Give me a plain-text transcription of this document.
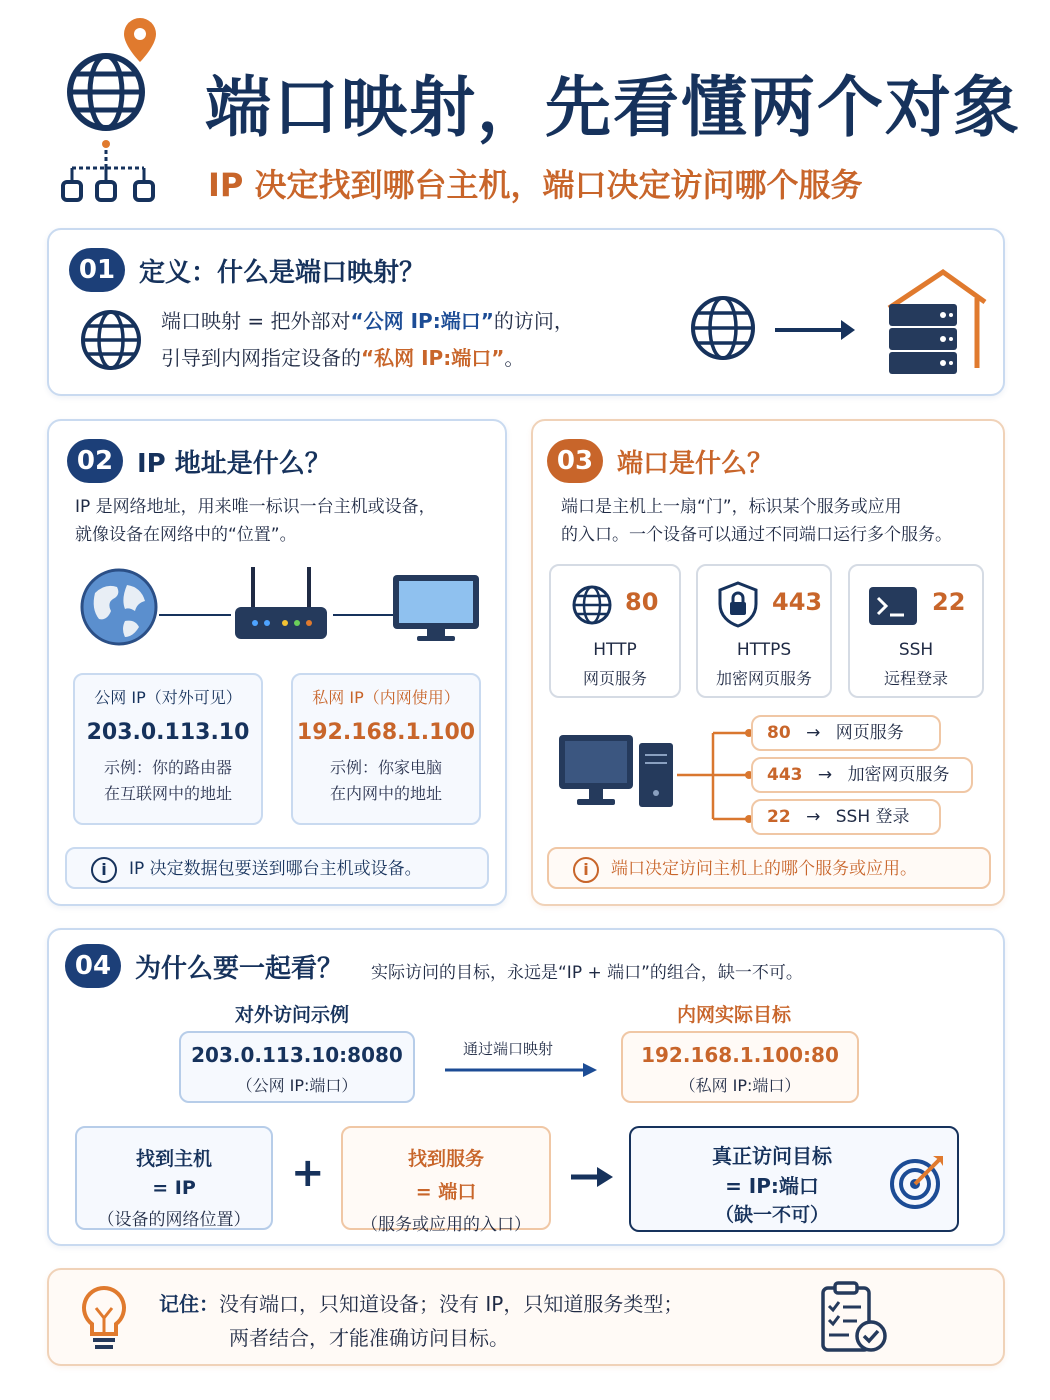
端口映射，先看懂两个对象
IP 决定找到哪台主机，端口决定访问哪个服务
01 定义：什么是端口映射？
端口映射 = 把外部对“公网 IP:端口”的访问，
引导到内网指定设备的“私网 IP:端口”。
02 IP 地址是什么？
IP 是网络地址，用来唯一标识一台主机或设备，
就像设备在网络中的“位置”。
公网 IP（对外可见）
203.0.113.10
示例：你的路由器
在互联网中的地址
私网 IP（内网使用）
192.168.1.100
示例：你家电脑
在内网中的地址
i	IP 决定数据包要送到哪台主机或设备。
03 端口是什么？
端口是主机上一扇“门”，标识某个服务或应用
的入口。一个设备可以通过不同端口运行多个服务。
80
HTTP
网页服务
443
HTTPS
加密网页服务
22
SSH
远程登录
80 → 网页服务
443 → 加密网页服务
22 → SSH 登录
i	端口决定访问主机上的哪个服务或应用。
04 为什么要一起看？ 实际访问的目标，永远是“IP + 端口”的组合，缺一不可。
对外访问示例
203.0.113.10:8080
（公网 IP:端口）
通过端口映射
内网实际目标
192.168.1.100:80
（私网 IP:端口）
找到主机
= IP
（设备的网络位置）
+	找到服务
= 端口
（服务或应用的入口）
真正访问目标
= IP:端口
（缺一不可）
记住：没有端口，只知道设备；没有 IP，只知道服务类型；
两者结合，才能准确访问目标。
